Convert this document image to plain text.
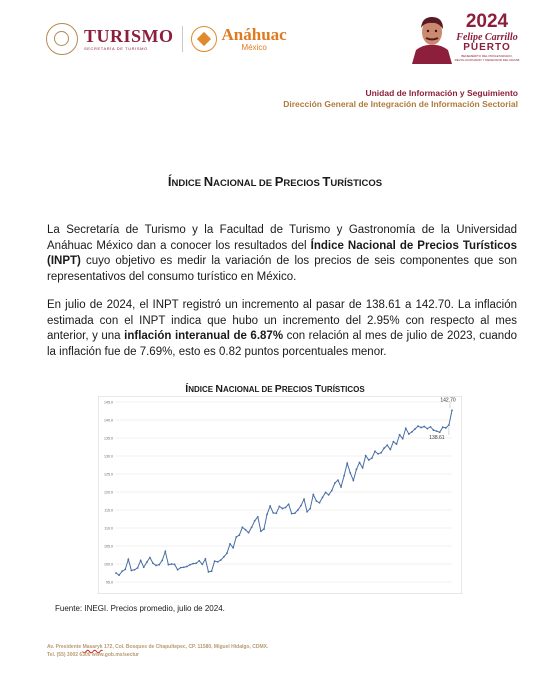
TURISMO
SECRETARÍA DE TURISMO
Anáhuac
México
2024
Felipe Carrillo
PUERTO
BENEMÉRITO DEL PROLETARIADO, REVOLUCIONARIO Y DEFENSOR DEL MAYAB
Unidad de Información y Seguimiento
Dirección General de Integración de Información Sectorial
ÍNDICE NACIONAL DE PRECIOS TURÍSTICOS

La Secretaría de Turismo y la Facultad de Turismo y Gastronomía de la Universidad Anáhuac México dan a conocer los resultados del Índice Nacional de Precios Turísticos (INPT) cuyo objetivo es medir la variación de los precios de seis componentes que son representativos del consumo turístico en México.

En julio de 2024, el INPT registró un incremento al pasar de 138.61 a 142.70. La inflación estimada con el INPT indica que hubo un incremento del 2.95% con respecto al mes anterior, y una inflación interanual de 6.87% con relación al mes de julio de 2023, cuando la inflación fue de 7.69%, esto es 0.82 puntos porcentuales menor.

ÍNDICE NACIONAL DE PRECIOS TURÍSTICOS
95.0
100.0
105.0
110.0
115.0
120.0
125.0
130.0
135.0
140.0
145.0	142.70
138.61
Fuente: INEGI. Precios promedio, julio de 2024.
Av. Presidente Masaryk 172, Col. Bosques de Chapultepec, CP. 11580, Miguel Hidalgo, CDMX.
Tel. (55) 3002 6300 www.gob.mx/sectur
